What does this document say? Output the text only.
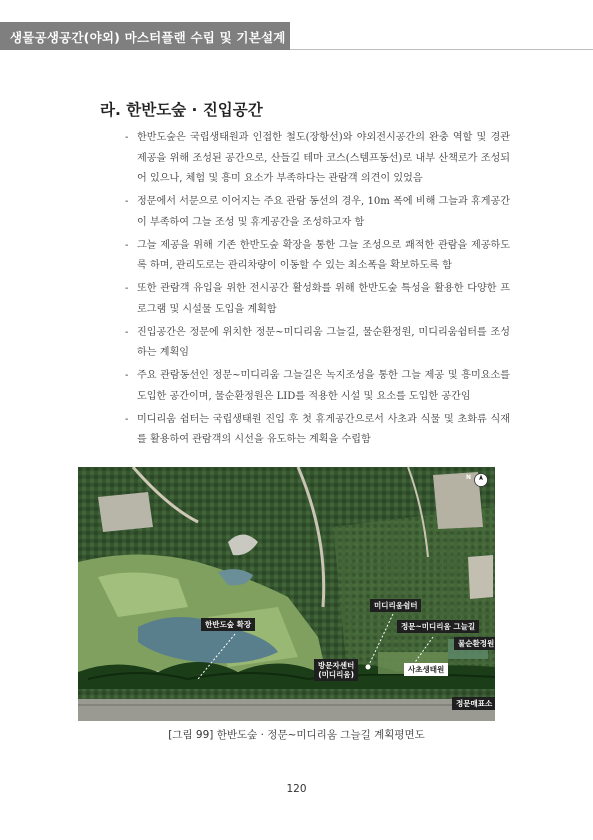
생물공생공간(야외) 마스터플랜 수립 및 기본설계
라. 한반도숲 · 진입공간
- 한반도숲은 국립생태원과 인접한 철도(장항선)와 야외전시공간의 완충 역할 및 경관 제공을 위해 조성된 공간으로, 산들길 테마 코스(스템프동선)로 내부 산책로가 조성되어 있으나, 체험 및 흥미 요소가 부족하다는 관람객 의견이 있었음
- 정문에서 서문으로 이어지는 주요 관람 동선의 경우, 10m 폭에 비해 그늘과 휴게공간이 부족하여 그늘 조성 및 휴게공간을 조성하고자 함
- 그늘 제공을 위해 기존 한반도숲 확장을 통한 그늘 조성으로 쾌적한 관람을 제공하도록 하며, 관리도로는 관리차량이 이동할 수 있는 최소폭을 확보하도록 함
- 또한 관람객 유입을 위한 전시공간 활성화를 위해 한반도숲 특성을 활용한 다양한 프로그램 및 시설물 도입을 계획함
- 진입공간은 정문에 위치한 정문~미디리움 그늘길, 물순환정원, 미디리움쉼터를 조성하는 계획임
- 주요 관람동선인 정문~미디리움 그늘길은 녹지조성을 통한 그늘 제공 및 흥미요소를 도입한 공간이며, 물순환정원은 LID를 적용한 시설 및 요소를 도입한 공간임
- 미디리움 쉼터는 국립생태원 진입 후 첫 휴게공간으로서 사초과 식물 및 초화류 식재를 활용하여 관람객의 시선을 유도하는 계획을 수립함
한반도숲 확장
미디리움쉼터
정문~미디리움 그늘길
물순환정원
방문자센터
(미디리움)
사초생태원
정문매표소
N
[그림 99] 한반도숲 · 정문~미디리움 그늘길 계획평면도
120
